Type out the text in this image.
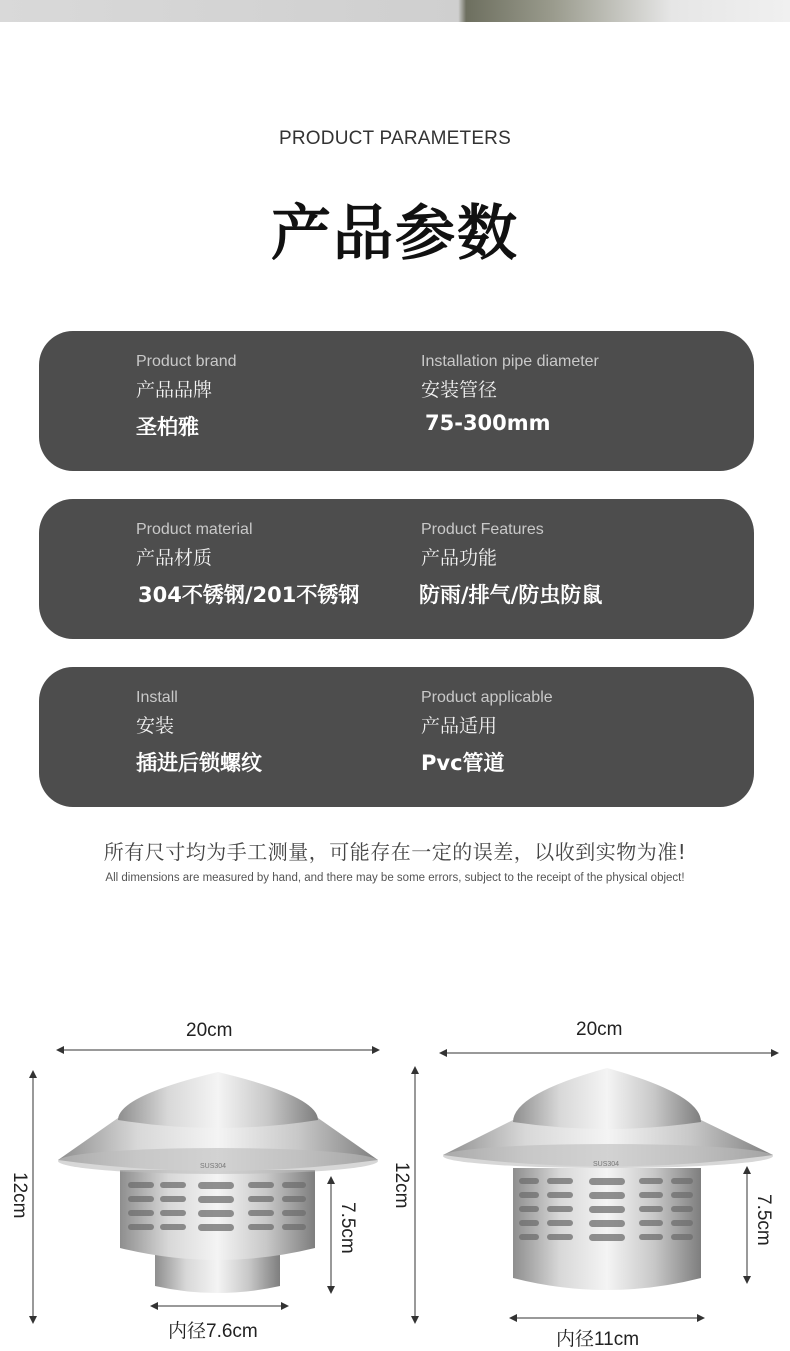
PRODUCT PARAMETERS
产品参数
Product brand
产品品牌
圣柏雅
Installation pipe diameter
安装管径
75-300mm
Product material
产品材质
304不锈钢/201不锈钢
Product Features
产品功能
防雨/排气/防虫防鼠
Install
安装
插进后锁螺纹
Product applicable
产品适用
Pvc管道
所有尺寸均为手工测量，可能存在一定的误差，以收到实物为准!
All dimensions are measured by hand, and there may be some errors, subject to the receipt of the physical object!
SUS304
20cm
12cm
7.5cm
内径7.6cm
SUS304
20cm
12cm
7.5cm
内径11cm
